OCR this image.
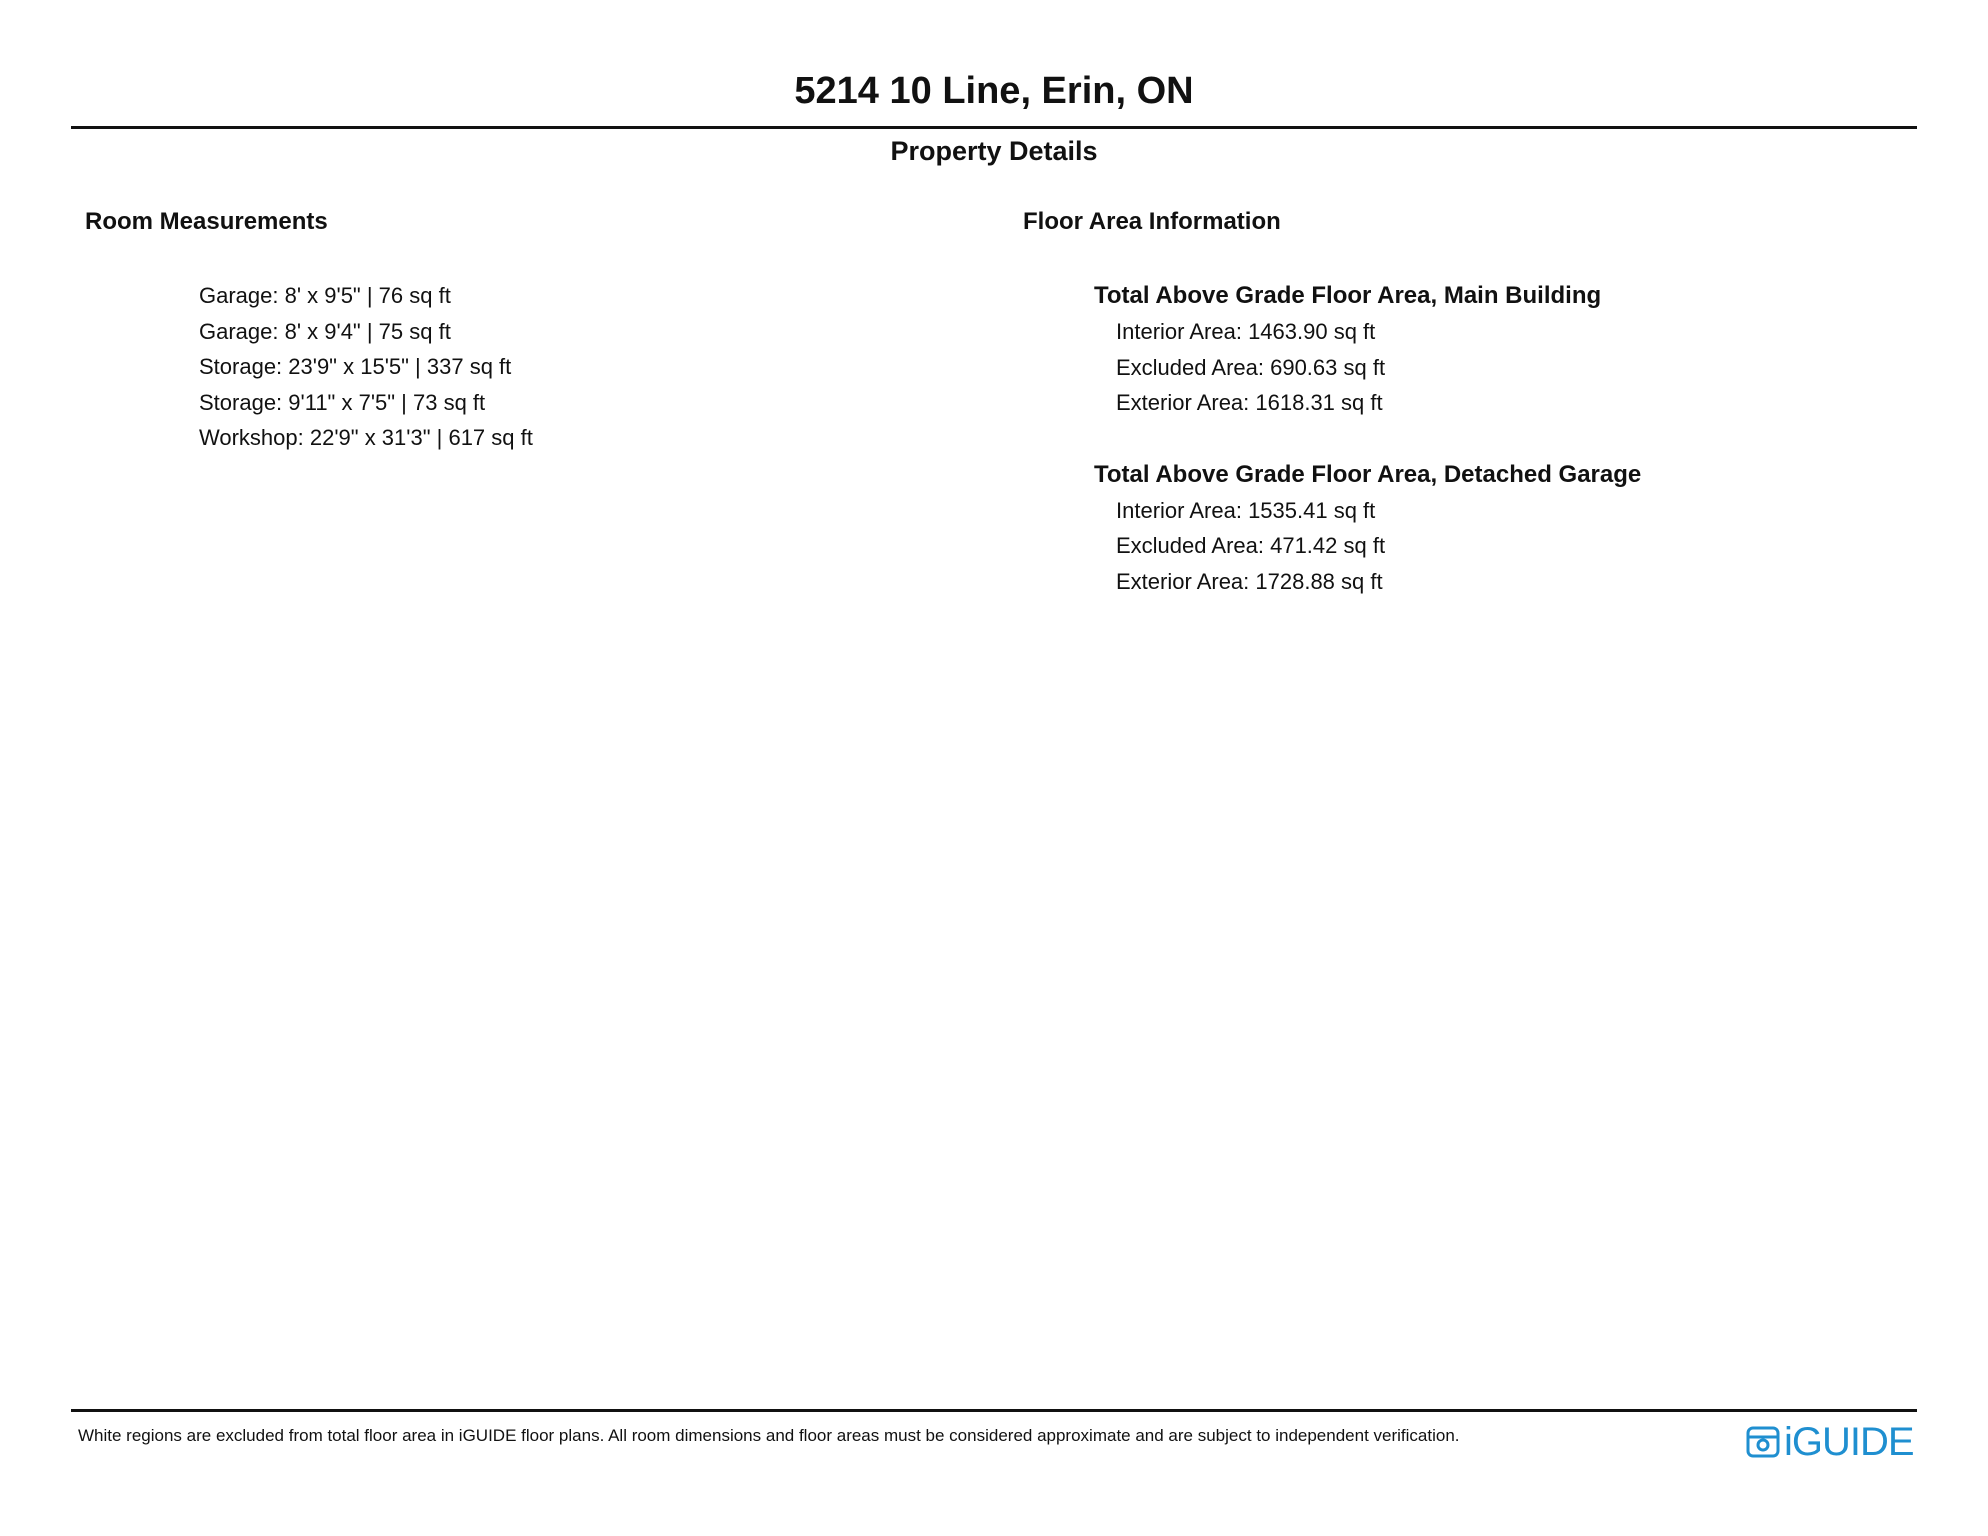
5214 10 Line, Erin, ON
Property Details
Room Measurements
Garage: 8' x 9'5" | 76 sq ft
Garage: 8' x 9'4" | 75 sq ft
Storage: 23'9" x 15'5" | 337 sq ft
Storage: 9'11" x 7'5" | 73 sq ft
Workshop: 22'9" x 31'3" | 617 sq ft
Floor Area Information
Total Above Grade Floor Area, Main Building
Interior Area: 1463.90 sq ft
Excluded Area: 690.63 sq ft
Exterior Area: 1618.31 sq ft
Total Above Grade Floor Area, Detached Garage
Interior Area: 1535.41 sq ft
Excluded Area: 471.42 sq ft
Exterior Area: 1728.88 sq ft
White regions are excluded from total floor area in iGUIDE floor plans. All room dimensions and floor areas must be considered approximate and are subject to independent verification.	iGUIDE
